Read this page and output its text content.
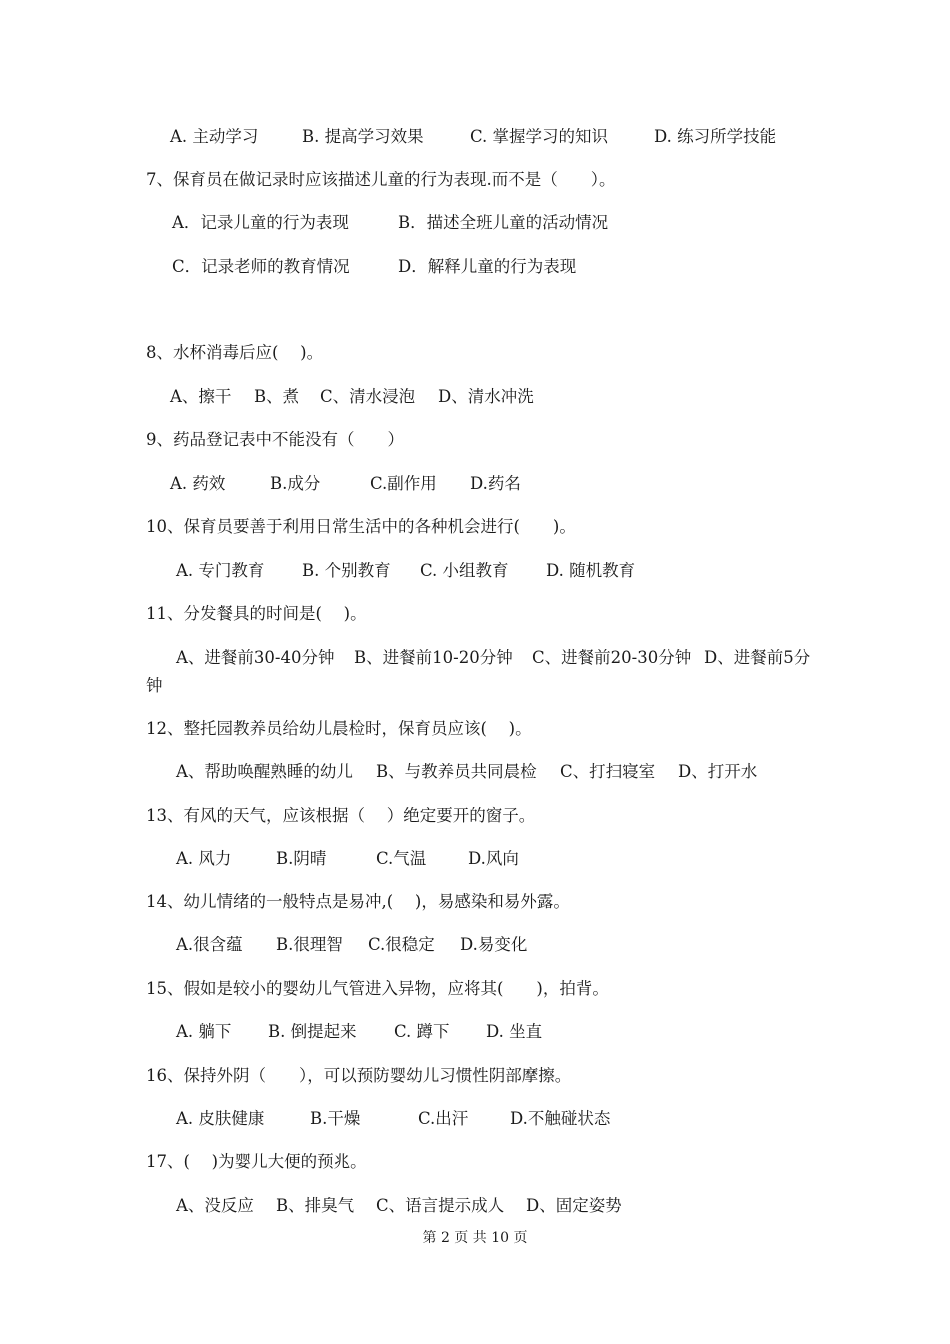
A. 主动学习	B. 提高学习效果	C. 掌握学习的知识	D. 练习所学技能
7、保育员在做记录时应该描述儿童的行为表现.而不是（　　）。
A．记录儿童的行为表现	B．描述全班儿童的活动情况
C．记录老师的教育情况	D．解释儿童的行为表现
8、水杯消毒后应(　 )。
A、擦干 B、煮 C、清水浸泡 D、清水冲洗
9、药品登记表中不能没有（　　）
A. 药效	B.成分	C.副作用 D.药名
10、保育员要善于利用日常生活中的各种机会进行(　　)。
A. 专门教育 B. 个别教育 C. 小组教育 D. 随机教育
11、分发餐具的时间是(　 )。
A、进餐前30-40分钟 B、进餐前10-20分钟 C、进餐前20-30分钟 D、进餐前5分
钟
12、整托园教养员给幼儿晨检时，保育员应该(　 )。
A、帮助唤醒熟睡的幼儿 B、与教养员共同晨检 C、打扫寝室 D、打开水
13、有风的天气，应该根据（　 ）绝定要开的窗子。
A. 风力	B.阴晴	C.气温	D.风向
14、幼儿情绪的一般特点是易冲,(　 )，易感染和易外露。
A.很含蕴 B.很理智 C.很稳定 D.易变化
15、假如是较小的婴幼儿气管进入异物，应将其(　　)，拍背。
A. 躺下 B. 倒提起来 C. 蹲下 D. 坐直
16、保持外阴（　　），可以预防婴幼儿习惯性阴部摩擦。
A. 皮肤健康	B.干燥	C.出汗	D.不触碰状态
17、(　 )为婴儿大便的预兆。
A、没反应 B、排臭气 C、语言提示成人 D、固定姿势
第 2 页 共 10 页
